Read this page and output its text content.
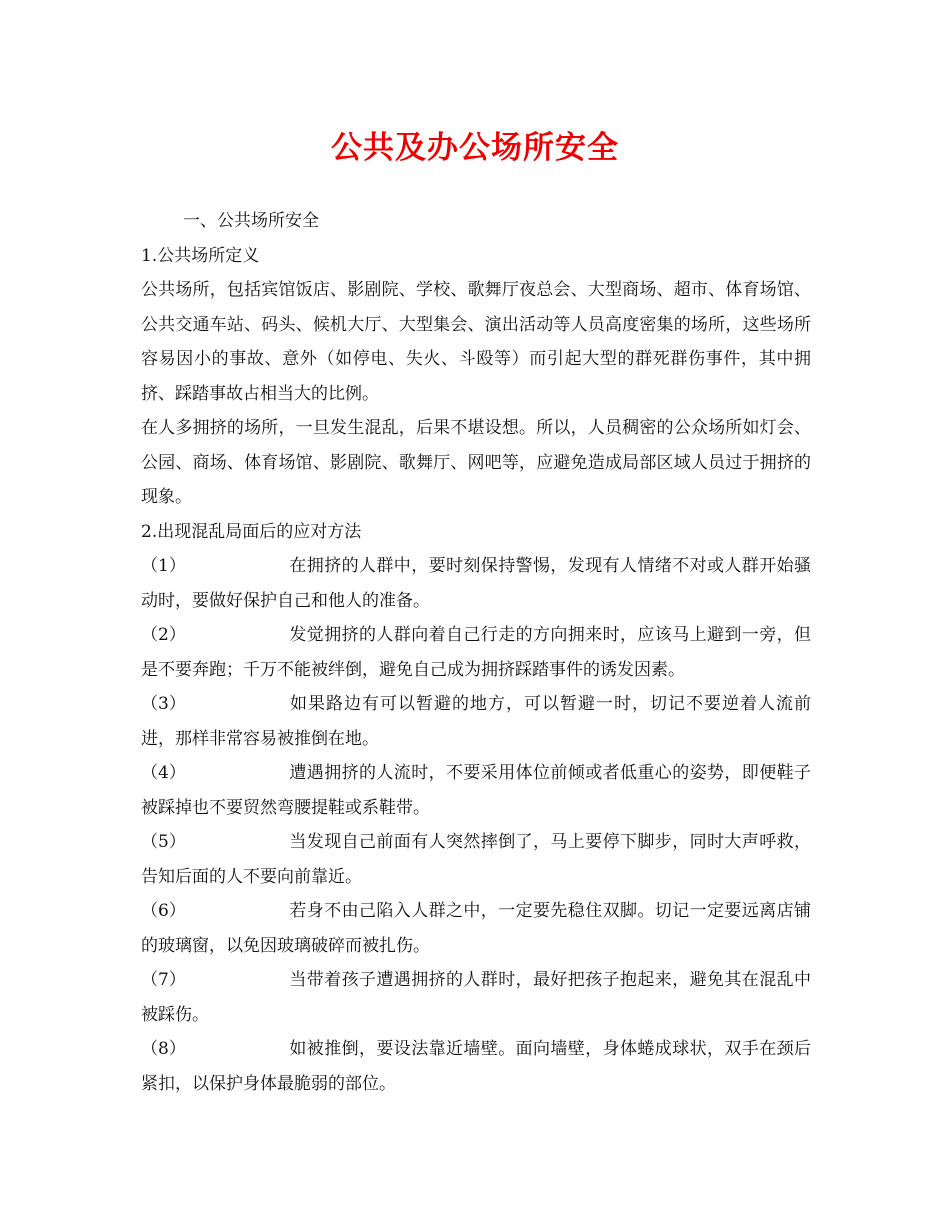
公共及办公场所安全

一、公共场所安全

1.公共场所定义

公共场所，包括宾馆饭店、影剧院、学校、歌舞厅夜总会、大型商场、超市、体育场馆、公共交通车站、码头、候机大厅、大型集会、演出活动等人员高度密集的场所，这些场所容易因小的事故、意外（如停电、失火、斗殴等）而引起大型的群死群伤事件，其中拥挤、踩踏事故占相当大的比例。

在人多拥挤的场所，一旦发生混乱，后果不堪设想。所以，人员稠密的公众场所如灯会、公园、商场、体育场馆、影剧院、歌舞厅、网吧等，应避免造成局部区域人员过于拥挤的现象。

2.出现混乱局面后的应对方法

（1）	在拥挤的人群中，要时刻保持警惕，发现有人情绪不对或人群开始骚动时，要做好保护自己和他人的准备。

（2）	发觉拥挤的人群向着自己行走的方向拥来时，应该马上避到一旁，但是不要奔跑；千万不能被绊倒，避免自己成为拥挤踩踏事件的诱发因素。

（3）	如果路边有可以暂避的地方，可以暂避一时，切记不要逆着人流前进，那样非常容易被推倒在地。

（4）	遭遇拥挤的人流时，不要采用体位前倾或者低重心的姿势，即便鞋子被踩掉也不要贸然弯腰提鞋或系鞋带。

（5）	当发现自己前面有人突然摔倒了，马上要停下脚步，同时大声呼救，告知后面的人不要向前靠近。

（6）	若身不由己陷入人群之中，一定要先稳住双脚。切记一定要远离店铺的玻璃窗，以免因玻璃破碎而被扎伤。

（7）	当带着孩子遭遇拥挤的人群时，最好把孩子抱起来，避免其在混乱中被踩伤。

（8）	如被推倒，要设法靠近墙壁。面向墙壁，身体蜷成球状，双手在颈后紧扣，以保护身体最脆弱的部位。
